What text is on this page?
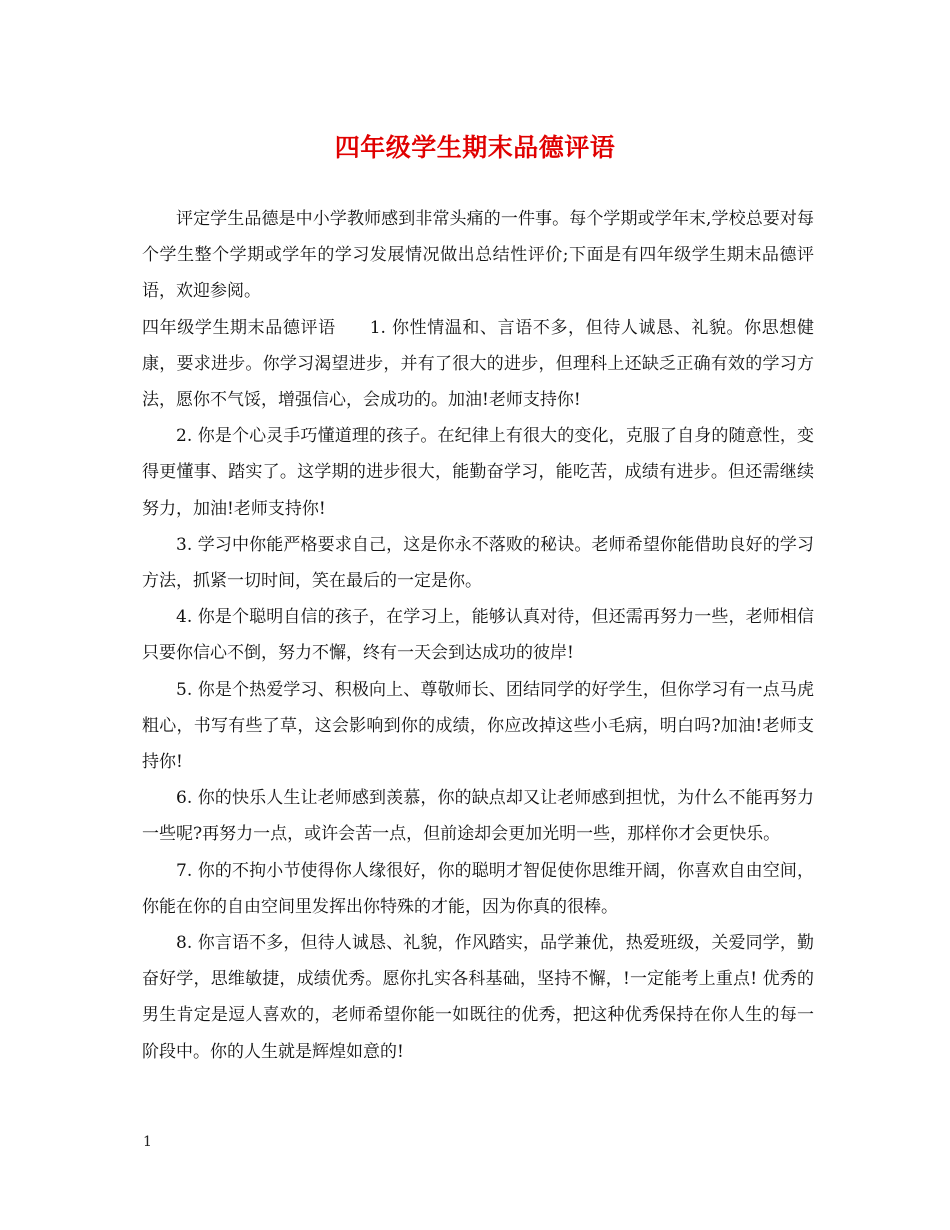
四年级学生期末品德评语

评定学生品德是中小学教师感到非常头痛的一件事。每个学期或学年末,学校总要对每个学生整个学期或学年的学习发展情况做出总结性评价;下面是有四年级学生期末品德评语，欢迎参阅。

四年级学生期末品德评语 1. 你性情温和、言语不多，但待人诚恳、礼貌。你思想健康，要求进步。你学习渴望进步，并有了很大的进步，但理科上还缺乏正确有效的学习方法，愿你不气馁，增强信心，会成功的。加油!老师支持你!

2. 你是个心灵手巧懂道理的孩子。在纪律上有很大的变化，克服了自身的随意性，变得更懂事、踏实了。这学期的进步很大，能勤奋学习，能吃苦，成绩有进步。但还需继续努力，加油!老师支持你!

3. 学习中你能严格要求自己，这是你永不落败的秘诀。老师希望你能借助良好的学习方法，抓紧一切时间，笑在最后的一定是你。

4. 你是个聪明自信的孩子，在学习上，能够认真对待，但还需再努力一些，老师相信只要你信心不倒，努力不懈，终有一天会到达成功的彼岸!

5. 你是个热爱学习、积极向上、尊敬师长、团结同学的好学生，但你学习有一点马虎粗心，书写有些了草，这会影响到你的成绩，你应改掉这些小毛病，明白吗?加油!老师支持你!

6. 你的快乐人生让老师感到羡慕，你的缺点却又让老师感到担忧，为什么不能再努力一些呢?再努力一点，或许会苦一点，但前途却会更加光明一些，那样你才会更快乐。

7. 你的不拘小节使得你人缘很好，你的聪明才智促使你思维开阔，你喜欢自由空间，你能在你的自由空间里发挥出你特殊的才能，因为你真的很棒。

8. 你言语不多，但待人诚恳、礼貌，作风踏实，品学兼优，热爱班级，关爱同学，勤奋好学，思维敏捷，成绩优秀。愿你扎实各科基础，坚持不懈，!一定能考上重点! 优秀的男生肯定是逗人喜欢的，老师希望你能一如既往的优秀，把这种优秀保持在你人生的每一阶段中。你的人生就是辉煌如意的!

1
